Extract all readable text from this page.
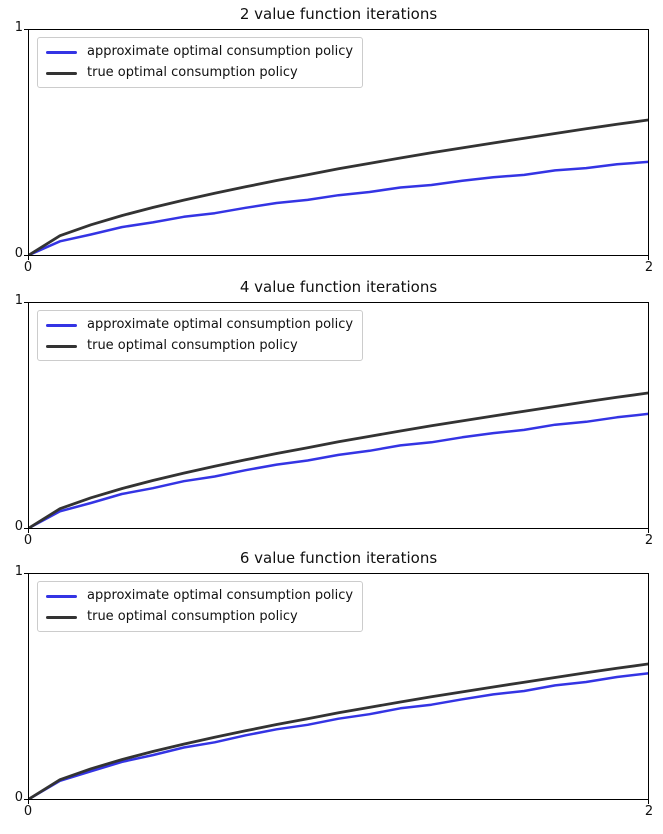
2 value function iterations
approximate optimal consumption policy
true optimal consumption policy
1
0
0	2
4 value function iterations
approximate optimal consumption policy
true optimal consumption policy
1
0
0	2
6 value function iterations
approximate optimal consumption policy
true optimal consumption policy
1
0
0	2
